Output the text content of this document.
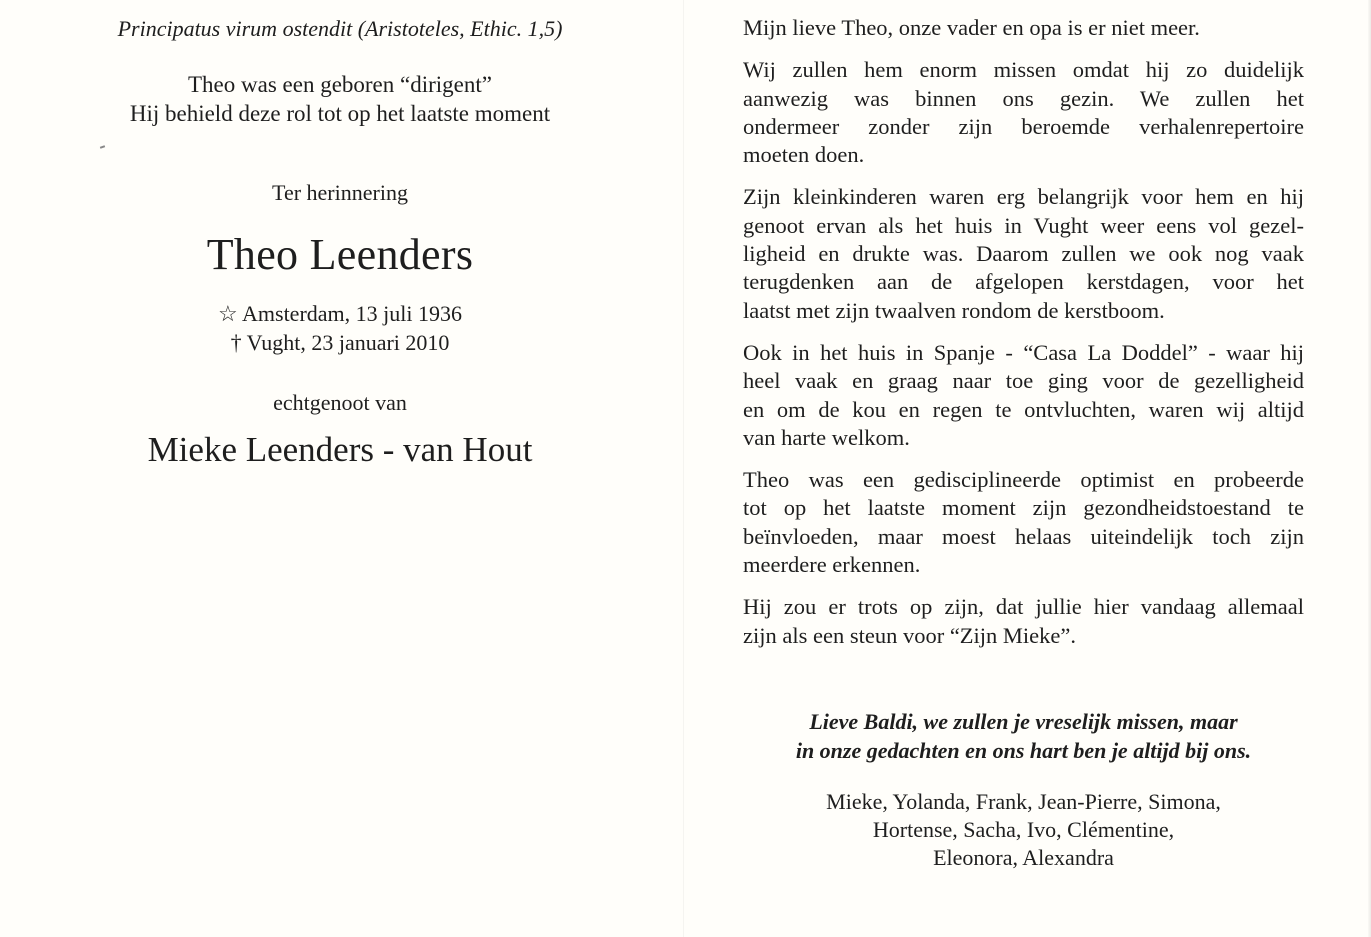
Principatus virum ostendit (Aristoteles, Ethic. 1,5)
Theo was een geboren “dirigent”
Hij behield deze rol tot op het laatste moment
Ter herinnering
Theo Leenders
☆ Amsterdam, 13 juli 1936
† Vught, 23 januari 2010
echtgenoot van
Mieke Leenders - van Hout

Mijn lieve Theo, onze vader en opa is er niet meer.

Wij zullen hem enorm missen omdat hij zo duidelijk
aanwezig was binnen ons gezin. We zullen het
ondermeer zonder zijn beroemde verhalenrepertoire
moeten doen.

Zijn kleinkinderen waren erg belangrijk voor hem en hij
genoot ervan als het huis in Vught weer eens vol gezel-
ligheid en drukte was. Daarom zullen we ook nog vaak
terugdenken aan de afgelopen kerstdagen, voor het
laatst met zijn twaalven rondom de kerstboom.

Ook in het huis in Spanje - “Casa La Doddel” - waar hij
heel vaak en graag naar toe ging voor de gezelligheid
en om de kou en regen te ontvluchten, waren wij altijd
van harte welkom.

Theo was een gedisciplineerde optimist en probeerde
tot op het laatste moment zijn gezondheidstoestand te
beïnvloeden, maar moest helaas uiteindelijk toch zijn
meerdere erkennen.

Hij zou er trots op zijn, dat jullie hier vandaag allemaal
zijn als een steun voor “Zijn Mieke”.

Lieve Baldi, we zullen je vreselijk missen, maar
in onze gedachten en ons hart ben je altijd bij ons.
Mieke, Yolanda, Frank, Jean-Pierre, Simona,
Hortense, Sacha, Ivo, Clémentine,
Eleonora, Alexandra
